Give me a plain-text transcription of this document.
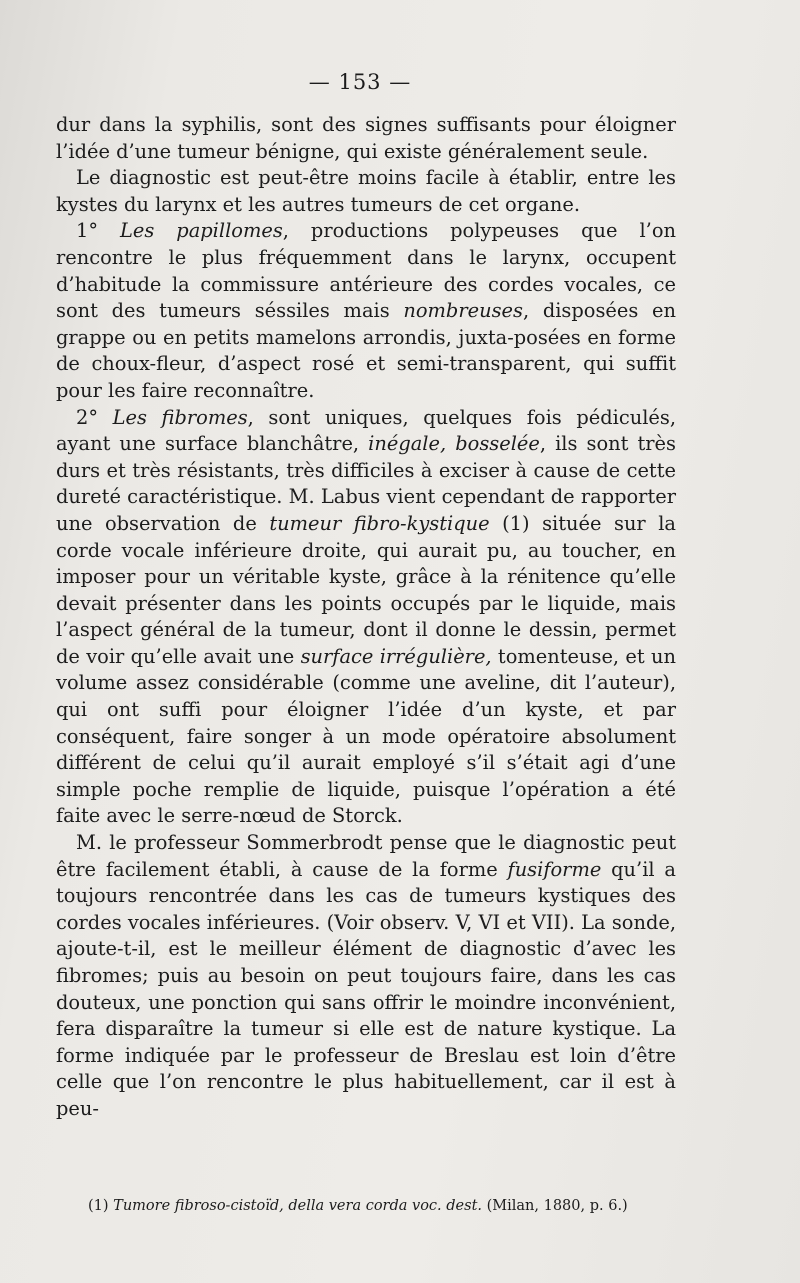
— 153 —

dur dans la syphilis, sont des signes suffisants pour éloigner l’idée d’une tumeur bénigne, qui existe généralement seule.

Le diagnostic est peut-être moins facile à établir, entre les kystes du larynx et les autres tumeurs de cet organe.

1° Les papillomes, productions polypeuses que l’on rencontre le plus fréquemment dans le larynx, occupent d’habitude la commissure antérieure des cordes vocales, ce sont des tumeurs séssiles mais nombreuses, disposées en grappe ou en petits mamelons arrondis, juxta-posées en forme de choux-fleur, d’aspect rosé et semi-transparent, qui suffit pour les faire reconnaître.

2° Les fibromes, sont uniques, quelques fois pédiculés, ayant une surface blanchâtre, inégale, bosselée, ils sont très durs et très résistants, très difficiles à exciser à cause de cette dureté caractéristique. M. Labus vient cependant de rapporter une observation de tumeur fibro-kystique (1) située sur la corde vocale inférieure droite, qui aurait pu, au toucher, en imposer pour un véritable kyste, grâce à la rénitence qu’elle devait présenter dans les points occupés par le liquide, mais l’aspect général de la tumeur, dont il donne le dessin, permet de voir qu’elle avait une surface irrégulière, tomenteuse, et un volume assez considérable (comme une aveline, dit l’auteur), qui ont suffi pour éloigner l’idée d’un kyste, et par conséquent, faire songer à un mode opératoire absolument différent de celui qu’il aurait employé s’il s’était agi d’une simple poche remplie de liquide, puisque l’opération a été faite avec le serre-nœud de Storck.

M. le professeur Sommerbrodt pense que le diagnostic peut être facilement établi, à cause de la forme fusiforme qu’il a toujours rencontrée dans les cas de tumeurs kystiques des cordes vocales inférieures. (Voir observ. V, VI et VII). La sonde, ajoute-t-il, est le meilleur élément de diagnostic d’avec les fibromes; puis au besoin on peut toujours faire, dans les cas douteux, une ponction qui sans offrir le moindre inconvénient, fera disparaître la tumeur si elle est de nature kystique. La forme indiquée par le professeur de Breslau est loin d’être celle que l’on rencontre le plus habituellement, car il est à peu-

(1) Tumore fibroso-cistoïd, della vera corda voc. dest. (Milan, 1880, p. 6.)
